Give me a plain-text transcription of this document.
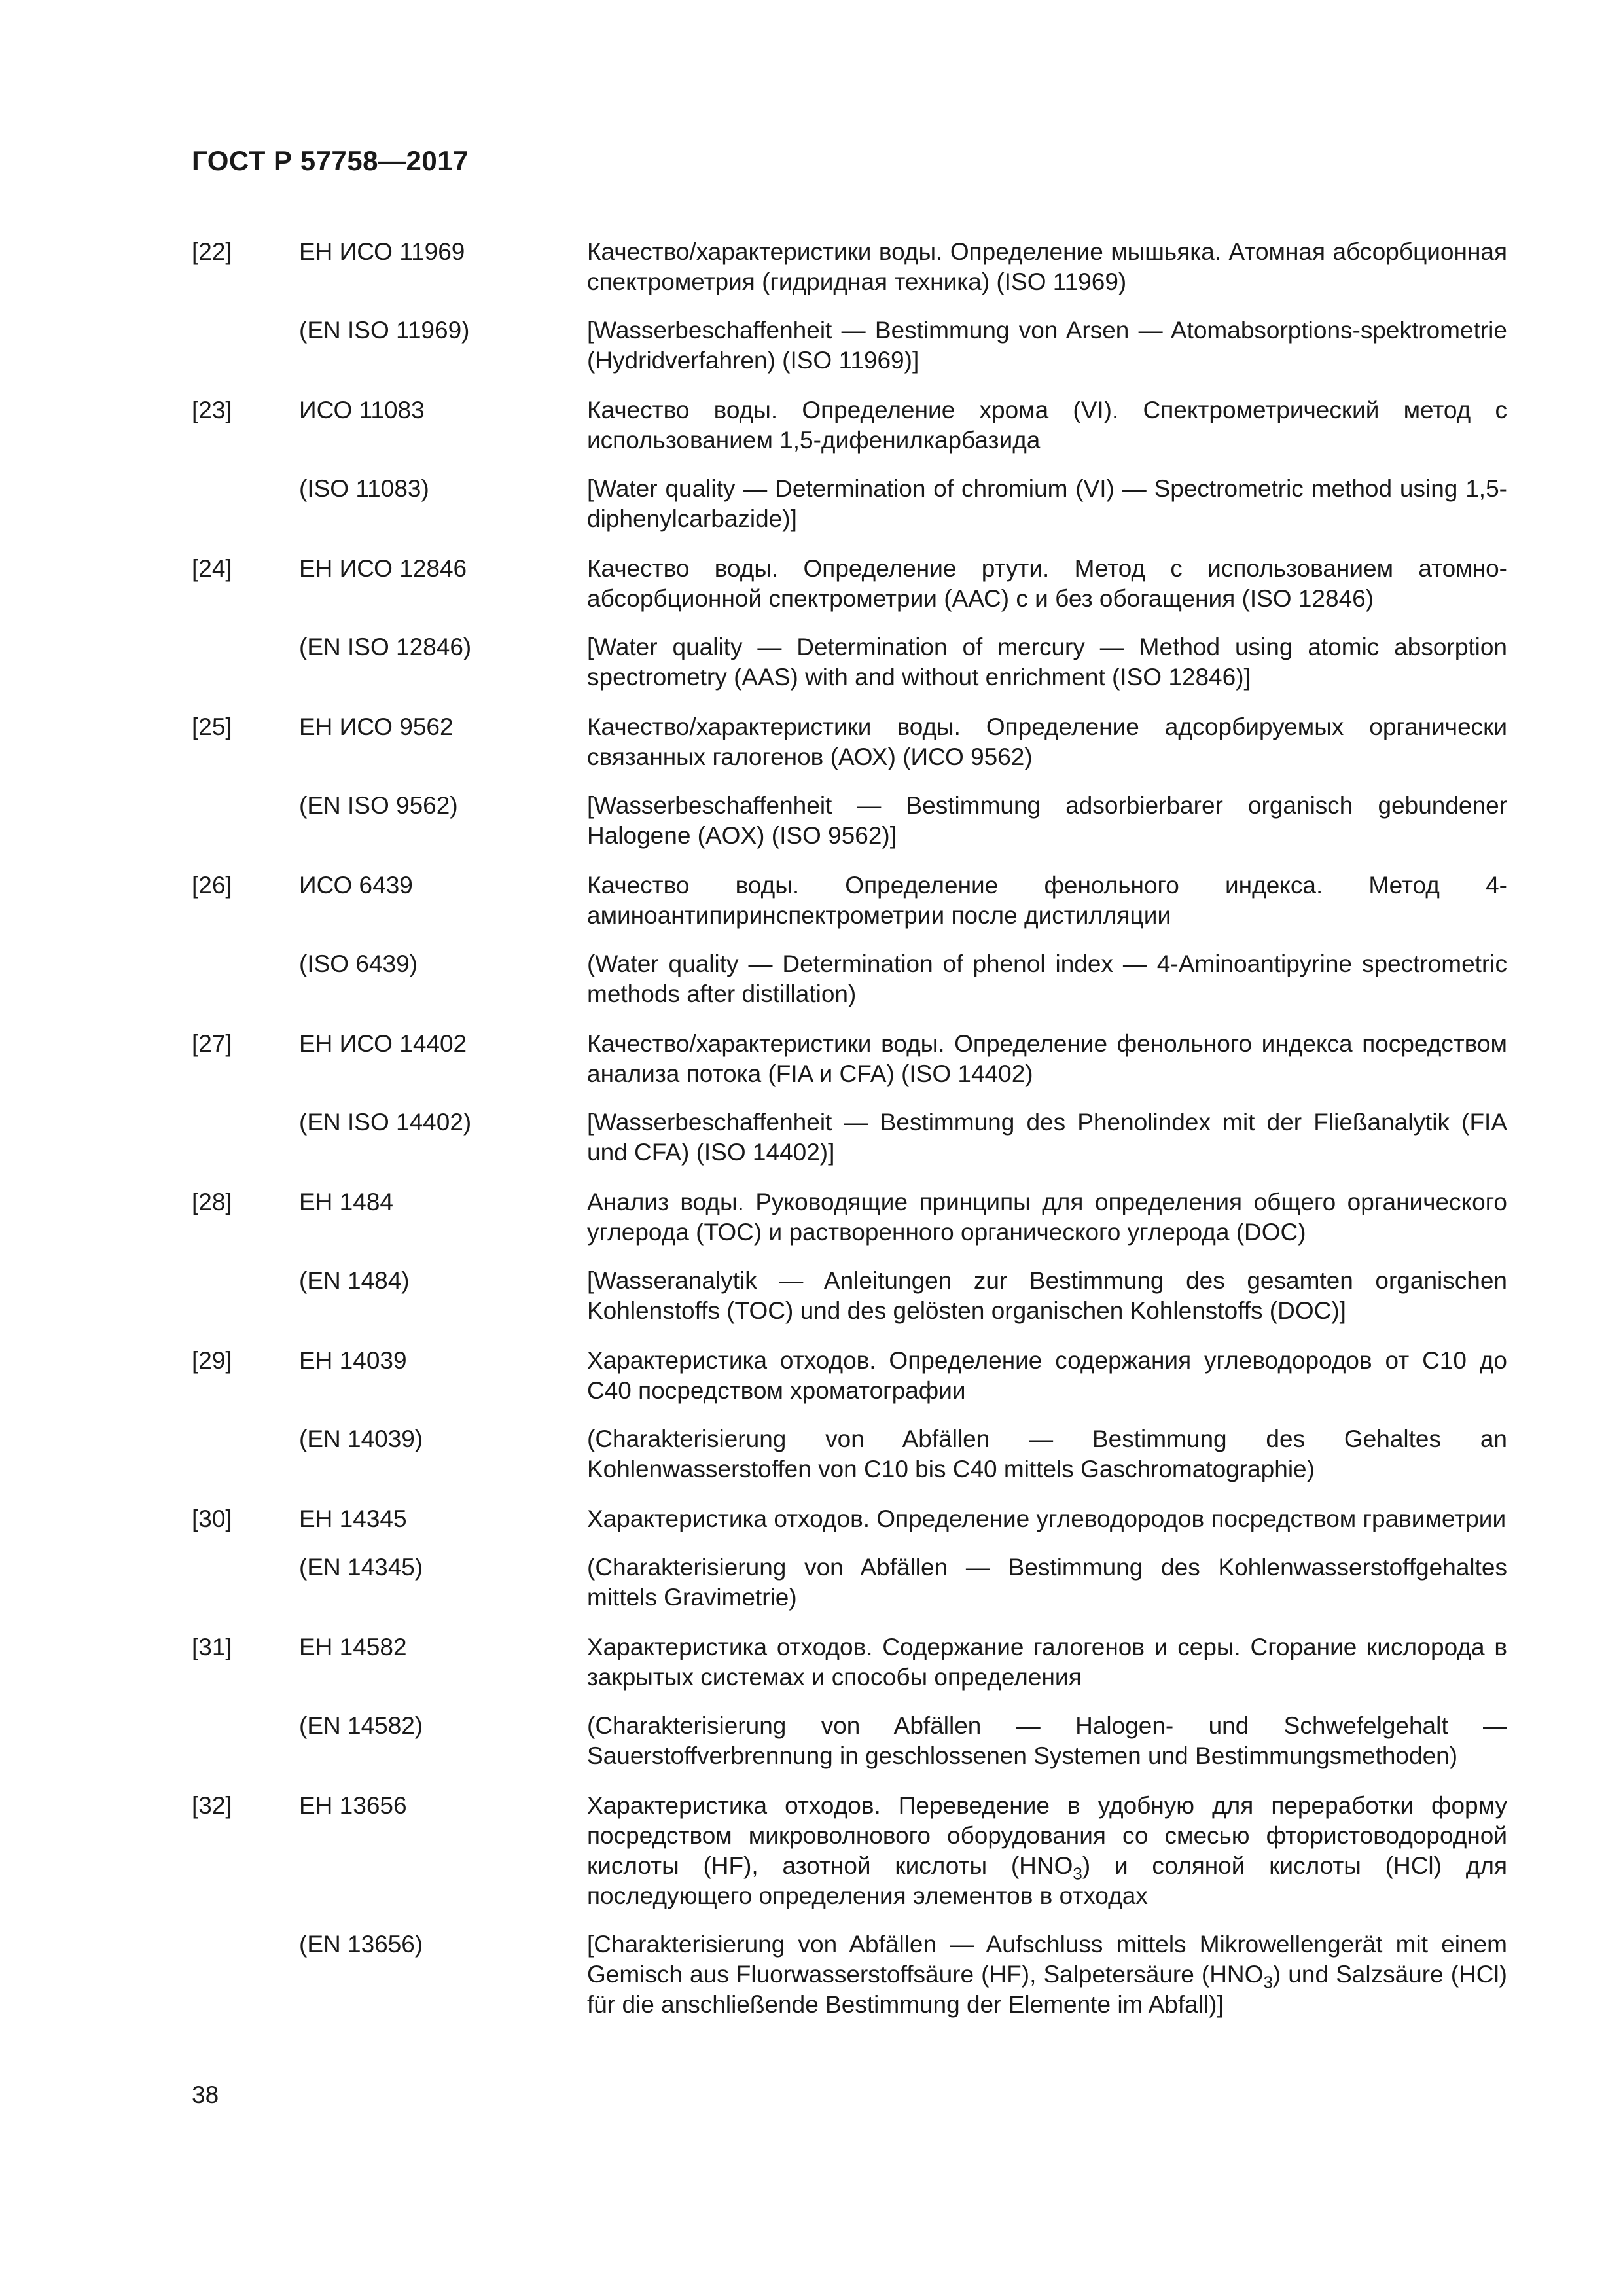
ГОСТ Р 57758—2017
[22]	ЕН ИСО 11969	Качество/характеристики воды. Определение мышьяка. Атомная абсорбционная спектрометрия (гидридная техника) (ISO 11969)
(EN ISO 11969)	[Wasserbeschaffenheit — Bestimmung von Arsen — Atomabsorptions-spektrometrie (Hydridverfahren) (ISO 11969)]
[23]	ИСО 11083	Качество воды. Определение хрома (VI). Спектрометрический метод с использованием 1,5-дифенилкарбазида
(ISO 11083)	[Water quality — Determination of chromium (VI) — Spectrometric method using 1,5-diphenylcarbazide)]
[24]	ЕН ИСО 12846	Качество воды. Определение ртути. Метод с использованием атомно-абсорбционной спектрометрии (ААС) с и без обогащения (ISO 12846)
(EN ISO 12846)	[Water quality — Determination of mercury — Method using atomic absorption spectrometry (AAS) with and without enrichment (ISO 12846)]
[25]	ЕН ИСО 9562	Качество/характеристики воды. Определение адсорбируемых органически связанных галогенов (АОХ) (ИСО 9562)
(EN ISO 9562)	[Wasserbeschaffenheit — Bestimmung adsorbierbarer organisch gebundener Halogene (AOX) (ISO 9562)]
[26]	ИСО 6439	Качество воды. Определение фенольного индекса. Метод 4- аминоантипиринспектрометрии после дистилляции
(ISO 6439)	(Water quality — Determination of phenol index — 4-Aminoantipyrine spectrometric methods after distillation)
[27]	ЕН ИСО 14402	Качество/характеристики воды. Определение фенольного индекса посредством анализа потока (FIA и CFA) (ISO 14402)
(EN ISO 14402)	[Wasserbeschaffenheit — Bestimmung des Phenolindex mit der Fließanalytik (FIA und CFA) (ISO 14402)]
[28]	ЕН 1484	Анализ воды. Руководящие принципы для определения общего органического углерода (ТОС) и растворенного органического углерода (DOC)
(EN 1484)	[Wasseranalytik — Anleitungen zur Bestimmung des gesamten organischen Kohlenstoffs (TOC) und des gelösten organischen Kohlenstoffs (DOC)]
[29]	ЕН 14039	Характеристика отходов. Определение содержания углеводородов от С10 до С40 посредством хроматографии
(EN 14039)	(Charakterisierung von Abfällen — Bestimmung des Gehaltes an Kohlenwasserstoffen von C10 bis C40 mittels Gaschromatographie)
[30]	ЕН 14345	Характеристика отходов. Определение углеводородов посредством гравиметрии
(EN 14345)	(Charakterisierung von Abfällen — Bestimmung des Kohlenwasserstoffgehaltes mittels Gravimetrie)
[31]	ЕН 14582	Характеристика отходов. Содержание галогенов и серы. Сгорание кислорода в закрытых системах и способы определения
(EN 14582)	(Charakterisierung von Abfällen — Halogen- und Schwefelgehalt — Sauerstoffverbrennung in geschlossenen Systemen und Bestimmungsmethoden)
[32]	ЕН 13656	Характеристика отходов. Переведение в удобную для переработки форму посредством микроволнового оборудования со смесью фтористоводородной кислоты (HF), азотной кислоты $(HNO_3)$ и соляной кислоты (HCl) для последующего определения элементов в отходах
(EN 13656)	[Charakterisierung von Abfällen — Aufschluss mittels Mikrowellengerät mit einem Gemisch aus Fluorwasserstoffsäure (HF), Salpetersäure $(HNO_3)$ und Salzsäure (HCl) für die anschließende Bestimmung der Elemente im Abfall)]
38
